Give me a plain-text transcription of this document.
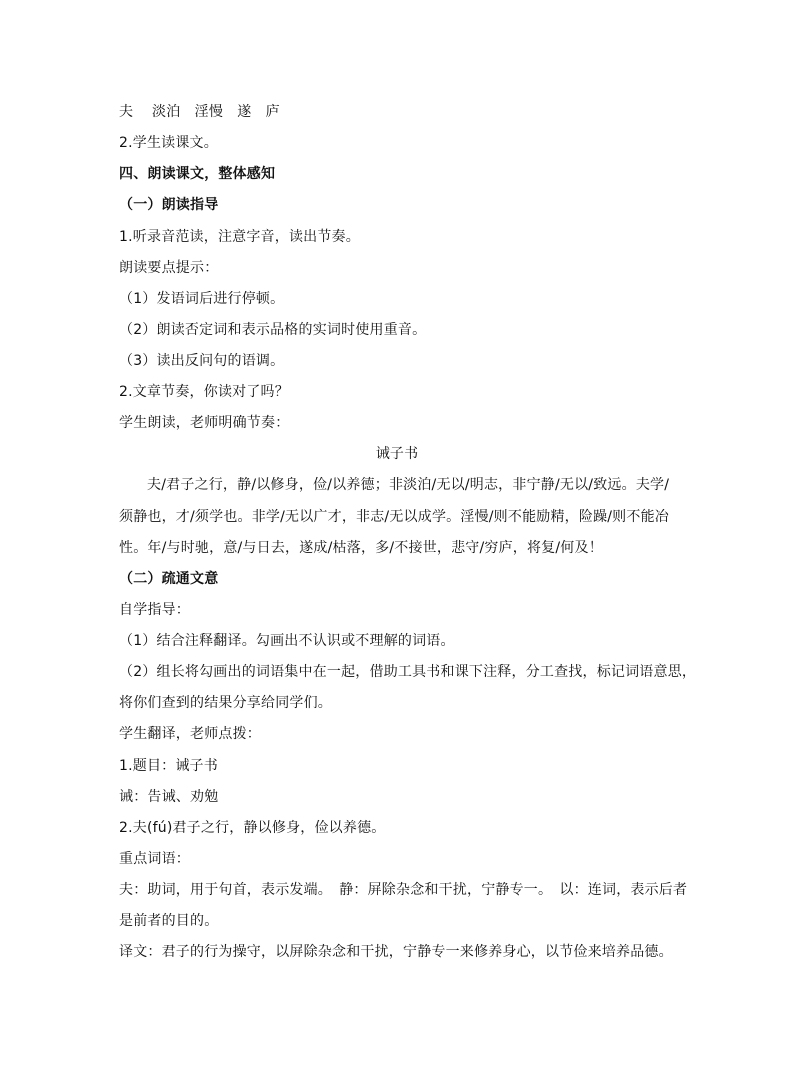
夫　 淡泊　淫慢　遂　庐
2.学生读课文。
四、朗读课文，整体感知
（一）朗读指导
1.听录音范读，注意字音，读出节奏。
朗读要点提示：
（1）发语词后进行停顿。
（2）朗读否定词和表示品格的实词时使用重音。
（3）读出反问句的语调。
2.文章节奏，你读对了吗？
学生朗读，老师明确节奏：
诫子书
夫/君子之行，静/以修身，俭/以养德；非淡泊/无以/明志，非宁静/无以/致远。夫学/
须静也，才/须学也。非学/无以广才，非志/无以成学。淫慢/则不能励精，险躁/则不能冶
性。年/与时驰，意/与日去，遂成/枯落，多/不接世，悲守/穷庐，将复/何及！
（二）疏通文意
自学指导：
（1）结合注释翻译。勾画出不认识或不理解的词语。
（2）组长将勾画出的词语集中在一起，借助工具书和课下注释，分工查找，标记词语意思，
将你们查到的结果分享给同学们。
学生翻译，老师点拨：
1.题目：诫子书
诫：告诫、劝勉
2.夫(fú)君子之行，静以修身，俭以养德。
重点词语：
夫：助词，用于句首，表示发端。　静：屏除杂念和干扰，宁静专一。　以：连词，表示后者
是前者的目的。
译文：君子的行为操守，以屏除杂念和干扰，宁静专一来修养身心，以节俭来培养品德。
